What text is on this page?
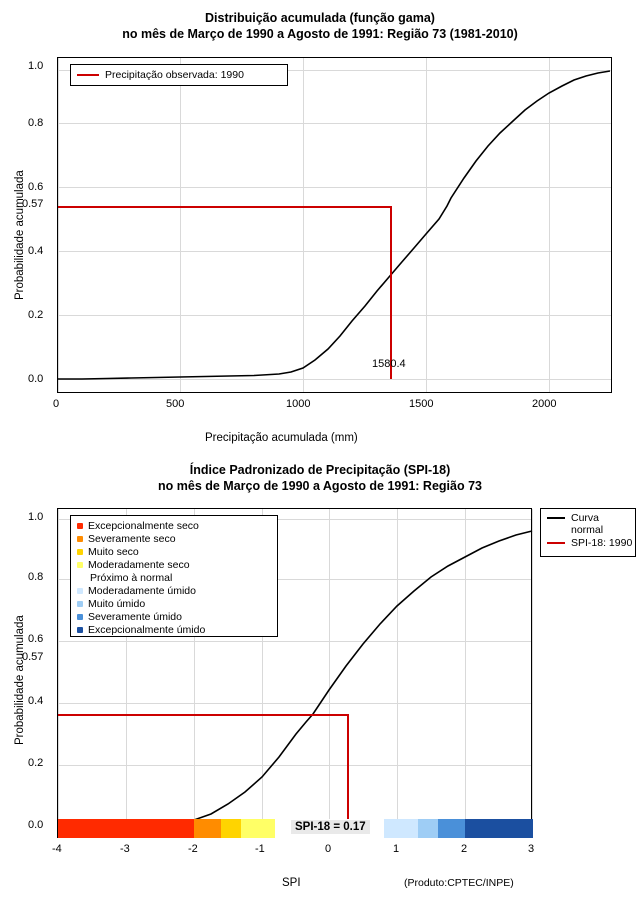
Distribuição acumulada (função gama)
no mês de Março de 1990 a Agosto de 1991: Região 73 (1981-2010)
Precipitação observada: 1990
1580.4
0.0
0.2
0.4
0.6
0.8
1.0
0.57
0	500	1000	1500	2000
Precipitação acumulada (mm)
Probabilidade acumulada
Índice Padronizado de Precipitação (SPI-18)
no mês de Março de 1990 a Agosto de 1991: Região 73
Excepcionalmente seco
Severamente seco
Muito seco
Moderadamente seco
Próximo à normal
Moderadamente úmido
Muito úmido
Severamente úmido
Excepcionalmente úmido
SPI-18 = 0.17
Curva
normal
SPI-18: 1990
0.0
0.2
0.4
0.6
0.8
1.0
0.57
-4	-3	-2	-1	0	1	2	3
SPI
Probabilidade acumulada
(Produto:CPTEC/INPE)
